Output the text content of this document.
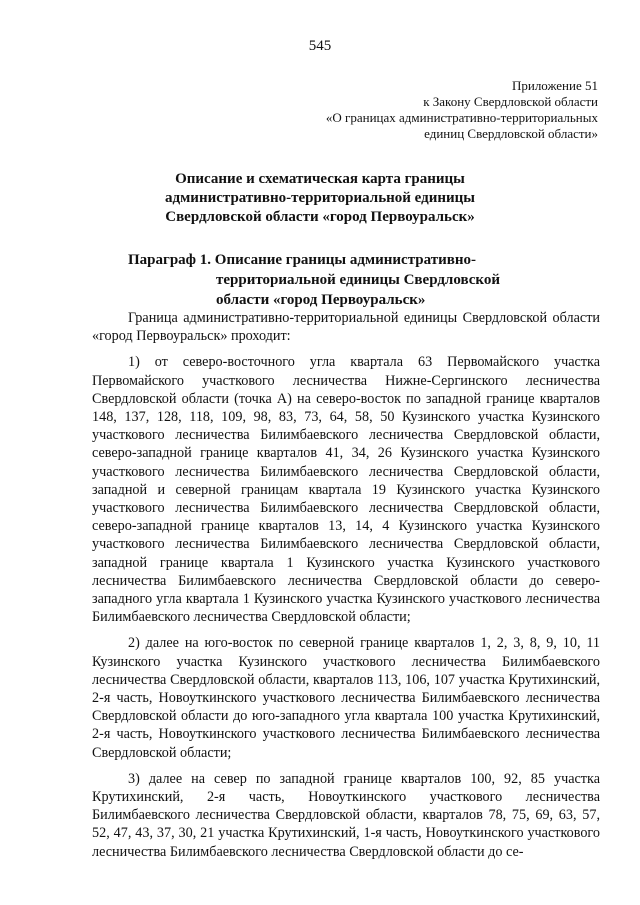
545
Приложение 51
к Закону Свердловской области
«О границах административно-территориальных
единиц Свердловской области»
Описание и схематическая карта границы
административно-территориальной единицы
Свердловской области «город Первоуральск»
Параграф 1.
Описание границы административно-
территориальной единицы Свердловской
области «город Первоуральск»

Граница административно-территориальной единицы Свердловской области «город Первоуральск» проходит:

1) от северо-восточного угла квартала 63 Первомайского участка Первомайского участкового лесничества Нижне-Сергинского лесничества Свердловской области (точка А) на северо-восток по западной границе кварталов 148, 137, 128, 118, 109, 98, 83, 73, 64, 58, 50 Кузинского участка Кузинского участкового лесничества Билимбаевского лесничества Свердловской области, северо-западной границе кварталов 41, 34, 26 Кузинского участка Кузинского участкового лесничества Билимбаевского лесничества Свердловской области, западной и северной границам квартала 19 Кузинского участка Кузинского участкового лесничества Билимбаевского лесничества Свердловской области, северо-западной границе кварталов 13, 14, 4 Кузинского участка Кузинского участкового лесничества Билимбаевского лесничества Свердловской области, западной границе квартала 1 Кузинского участка Кузинского участкового лесничества Билимбаевского лесничества Свердловской области до северо-западного угла квартала 1 Кузинского участка Кузинского участкового лесничества Билимбаевского лесничества Свердловской области;

2) далее на юго-восток по северной границе кварталов 1, 2, 3, 8, 9, 10, 11 Кузинского участка Кузинского участкового лесничества Билимбаевского лесничества Свердловской области, кварталов 113, 106, 107 участка Крутихинский, 2-я часть, Новоуткинского участкового лесничества Билимбаевского лесничества Свердловской области до юго-западного угла квартала 100 участка Крутихинский, 2-я часть, Новоуткинского участкового лесничества Билимбаевского лесничества Свердловской области;

3) далее на север по западной границе кварталов 100, 92, 85 участка Крутихинский, 2-я часть, Новоуткинского участкового лесничества Билимбаевского лесничества Свердловской области, кварталов 78, 75, 69, 63, 57, 52, 47, 43, 37, 30, 21 участка Крутихинский, 1-я часть, Новоуткинского участкового лесничества Билимбаевского лесничества Свердловской области до се-
